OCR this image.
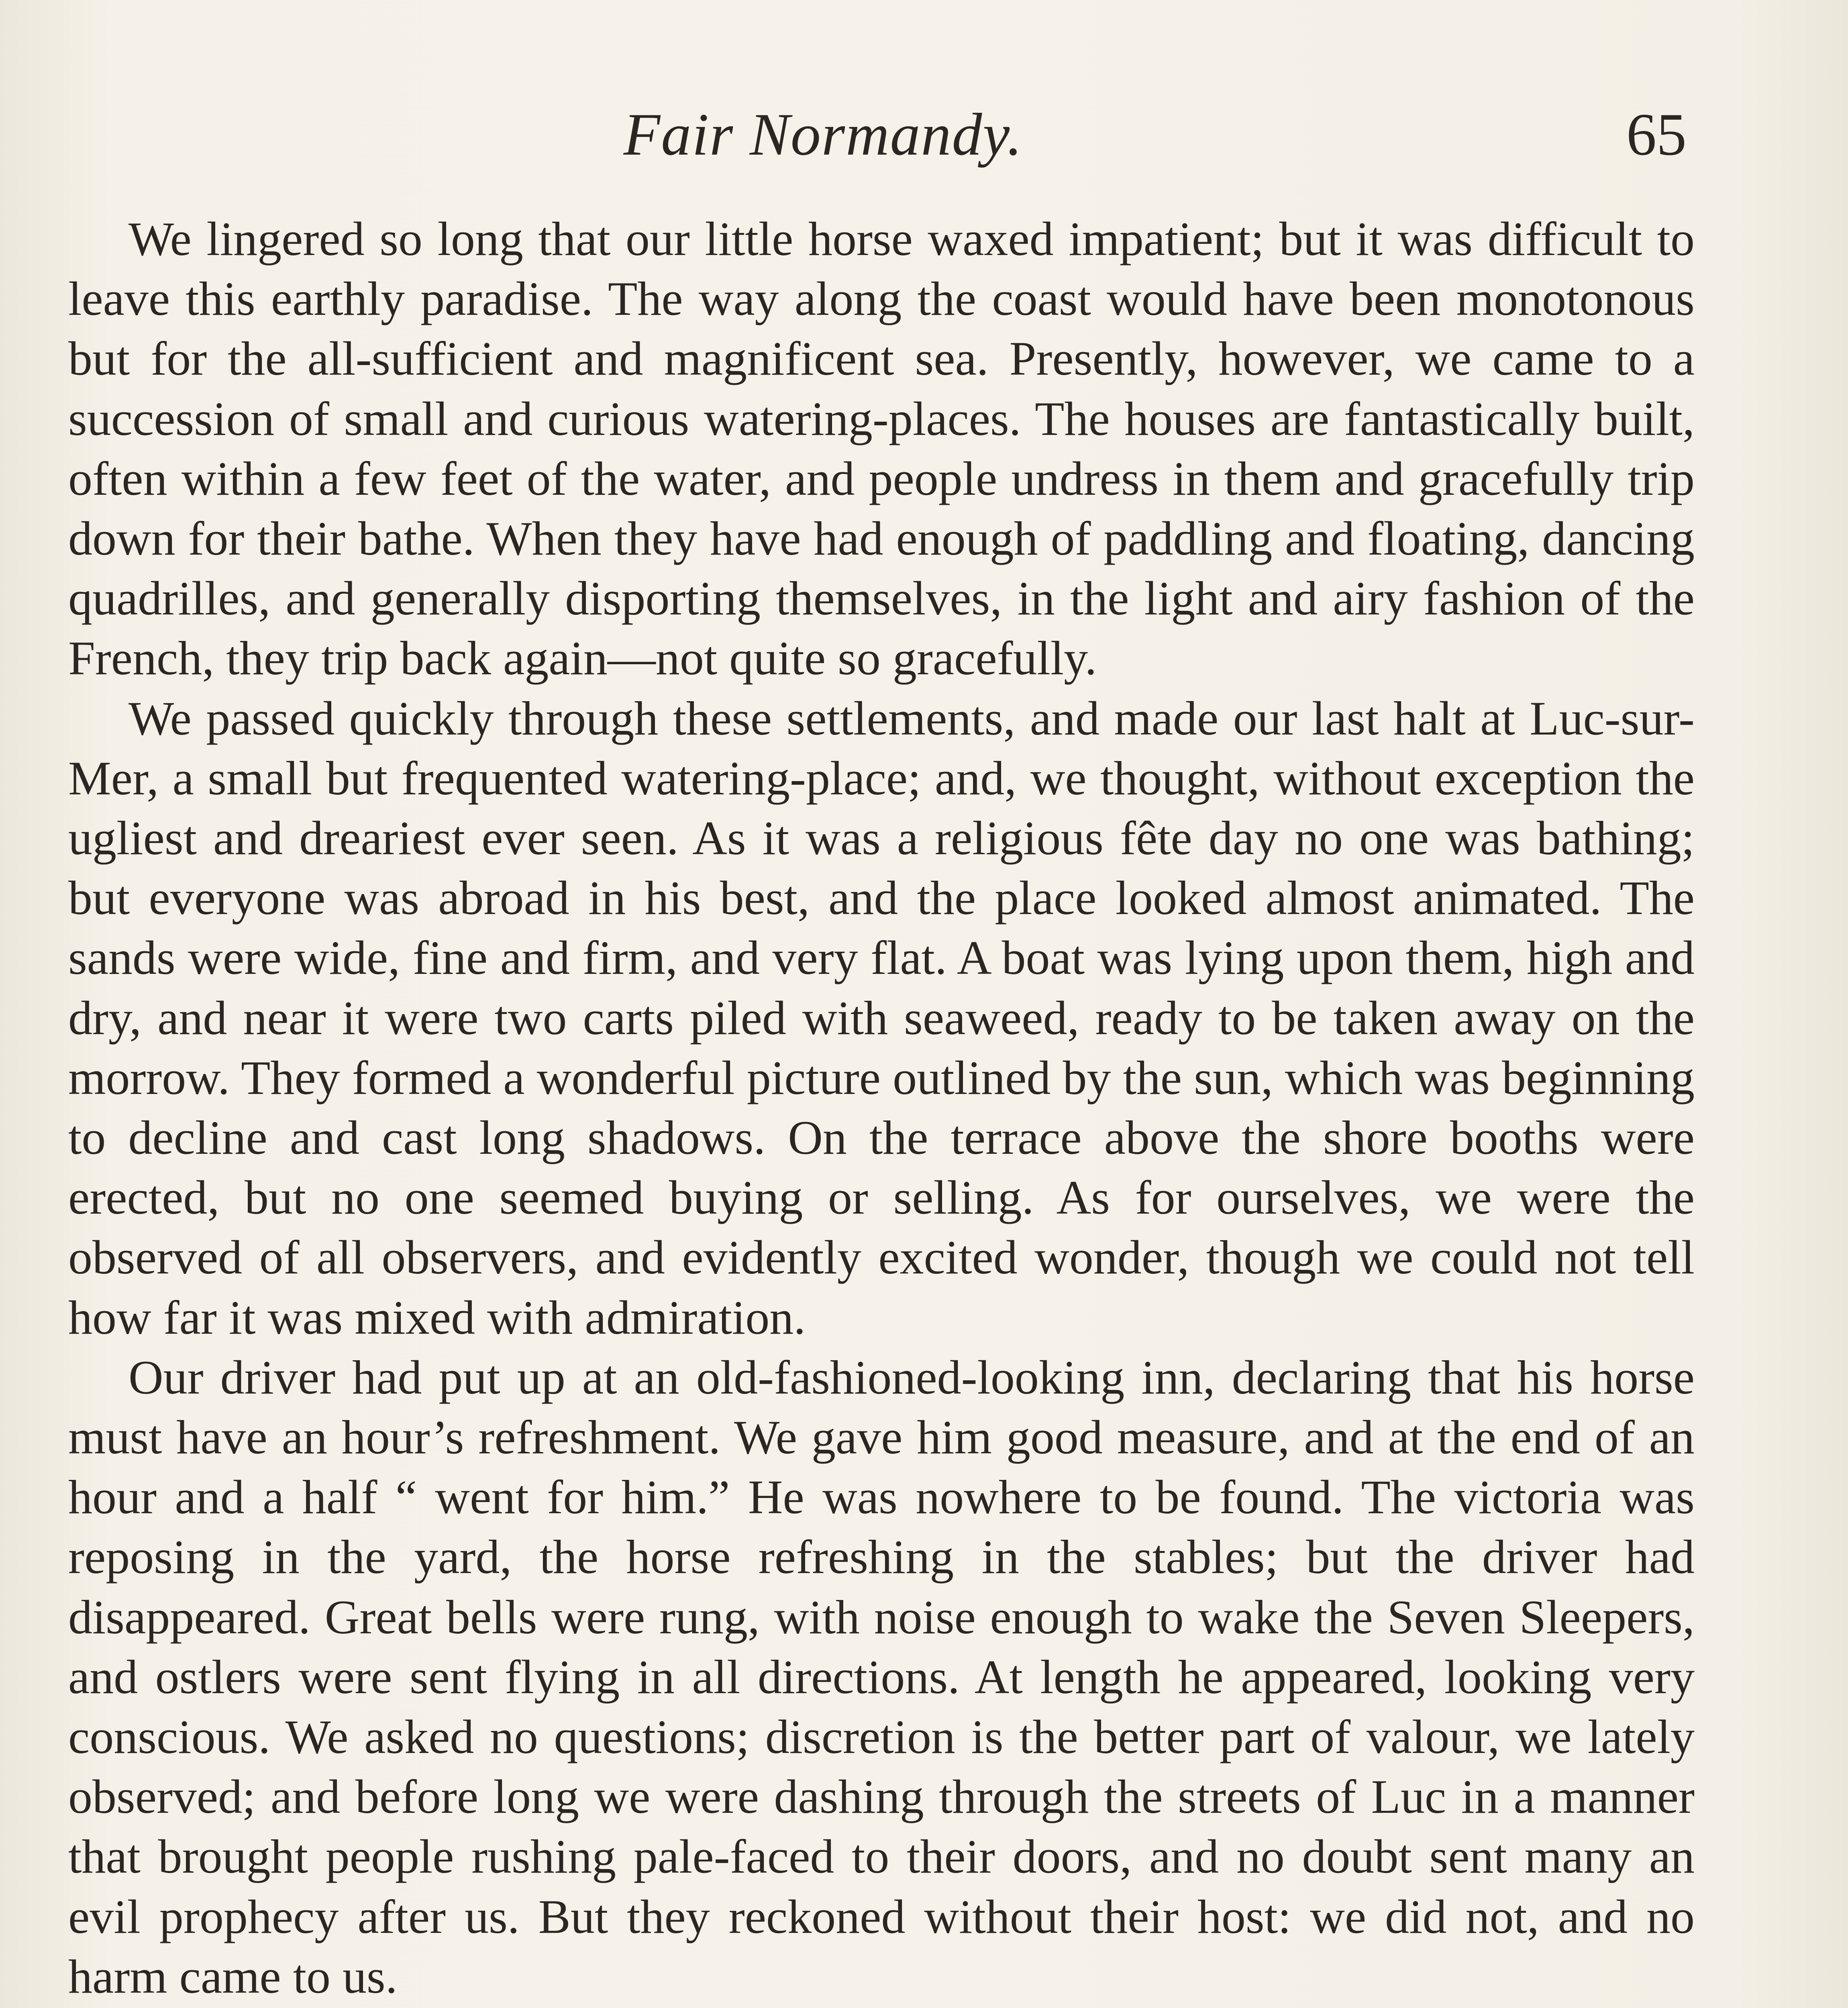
Fair Normandy.	65

We lingered so long that our little horse waxed impatient; but it was difficult to leave this earthly paradise. The way along the coast would have been monotonous but for the all-sufficient and magnificent sea. Presently, however, we came to a succession of small and curious watering-places. The houses are fantastically built, often within a few feet of the water, and people undress in them and gracefully trip down for their bathe. When they have had enough of paddling and floating, dancing quadrilles, and generally disporting themselves, in the light and airy fashion of the French, they trip back again—not quite so gracefully.

We passed quickly through these settlements, and made our last halt at Luc-sur-Mer, a small but frequented watering-place; and, we thought, without exception the ugliest and dreariest ever seen. As it was a religious fête day no one was bathing; but everyone was abroad in his best, and the place looked almost animated. The sands were wide, fine and firm, and very flat. A boat was lying upon them, high and dry, and near it were two carts piled with seaweed, ready to be taken away on the morrow. They formed a wonderful picture outlined by the sun, which was beginning to decline and cast long shadows. On the terrace above the shore booths were erected, but no one seemed buying or selling. As for ourselves, we were the observed of all observers, and evidently excited wonder, though we could not tell how far it was mixed with admiration.

Our driver had put up at an old-fashioned-looking inn, declaring that his horse must have an hour’s refreshment. We gave him good measure, and at the end of an hour and a half “ went for him.” He was nowhere to be found. The victoria was reposing in the yard, the horse refreshing in the stables; but the driver had disappeared. Great bells were rung, with noise enough to wake the Seven Sleepers, and ostlers were sent flying in all directions. At length he appeared, looking very conscious. We asked no questions; discretion is the better part of valour, we lately observed; and before long we were dashing through the streets of Luc in a manner that brought people rushing pale-faced to their doors, and no doubt sent many an evil prophecy after us. But they reckoned without their host: we did not, and no harm came to us.
